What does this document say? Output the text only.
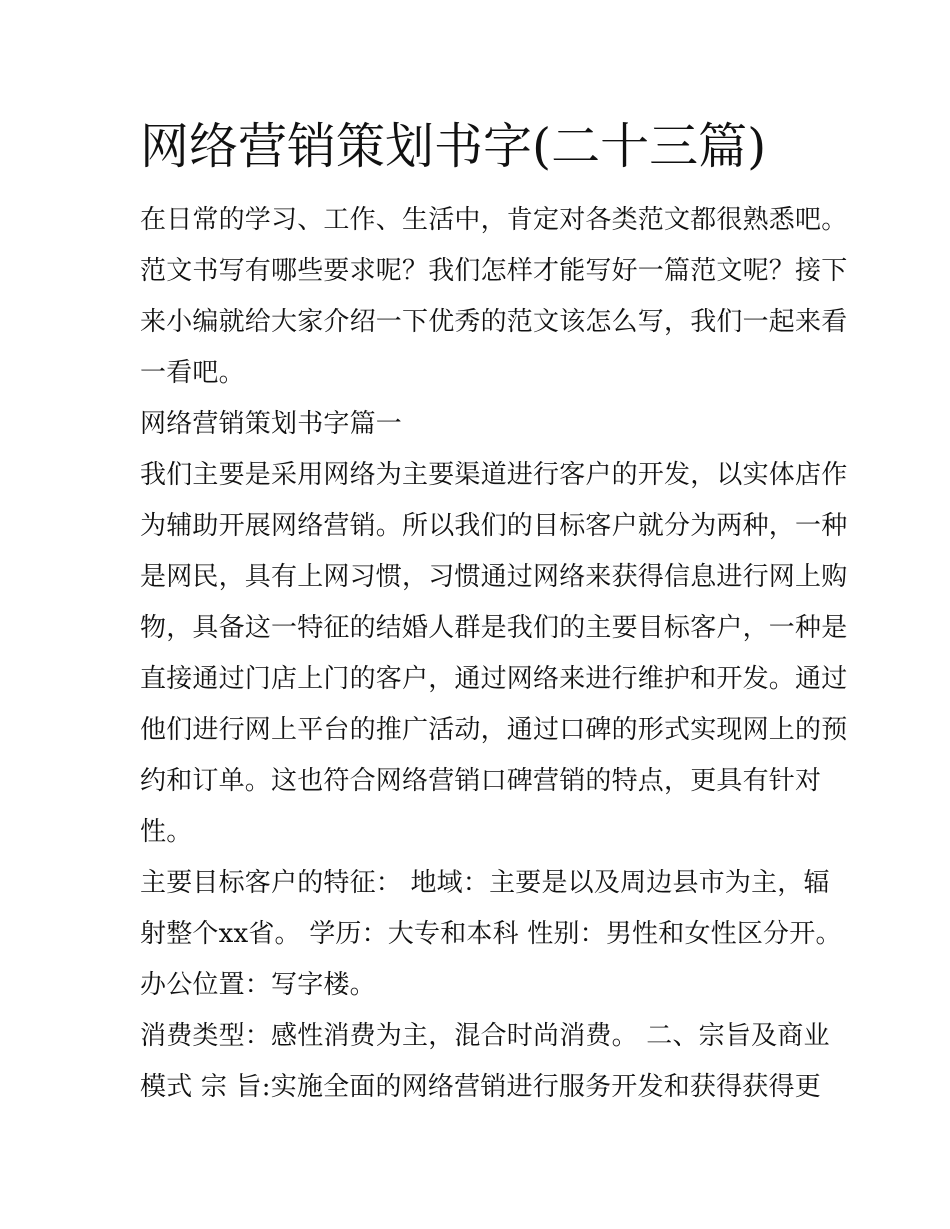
网络营销策划书字(二十三篇)

在日常的学习、工作、生活中，肯定对各类范文都很熟悉吧。

范文书写有哪些要求呢？我们怎样才能写好一篇范文呢？接下

来小编就给大家介绍一下优秀的范文该怎么写，我们一起来看

一看吧。

网络营销策划书字篇一

我们主要是采用网络为主要渠道进行客户的开发，以实体店作

为辅助开展网络营销。所以我们的目标客户就分为两种，一种

是网民，具有上网习惯，习惯通过网络来获得信息进行网上购

物，具备这一特征的结婚人群是我们的主要目标客户，一种是

直接通过门店上门的客户，通过网络来进行维护和开发。通过

他们进行网上平台的推广活动，通过口碑的形式实现网上的预

约和订单。这也符合网络营销口碑营销的特点，更具有针对

性。

主要目标客户的特征： 地域：主要是以及周边县市为主，辐

射整个xx省。 学历：大专和本科 性别：男性和女性区分开。

办公位置：写字楼。

消费类型：感性消费为主，混合时尚消费。 二、宗旨及商业

模式 宗 旨:实施全面的网络营销进行服务开发和获得获得更
